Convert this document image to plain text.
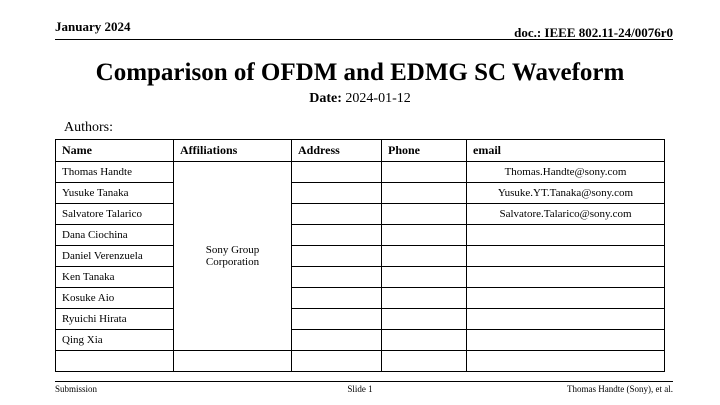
January 2024	doc.: IEEE 802.11-24/0076r0
Comparison of OFDM and EDMG SC Waveform
Date: 2024-01-12
Authors:
Name	Affiliations	Address	Phone	email
Thomas Handte	Sony Group Corporation			Thomas.Handte@sony.com
Yusuke Tanaka				Yusuke.YT.Tanaka@sony.com
Salvatore Talarico				Salvatore.Talarico@sony.com
Dana Ciochina				
Daniel Verenzuela				
Ken Tanaka				
Kosuke Aio				
Ryuichi Hirata				
Qing Xia				

Submission	Slide 1	Thomas Handte (Sony), et al.
